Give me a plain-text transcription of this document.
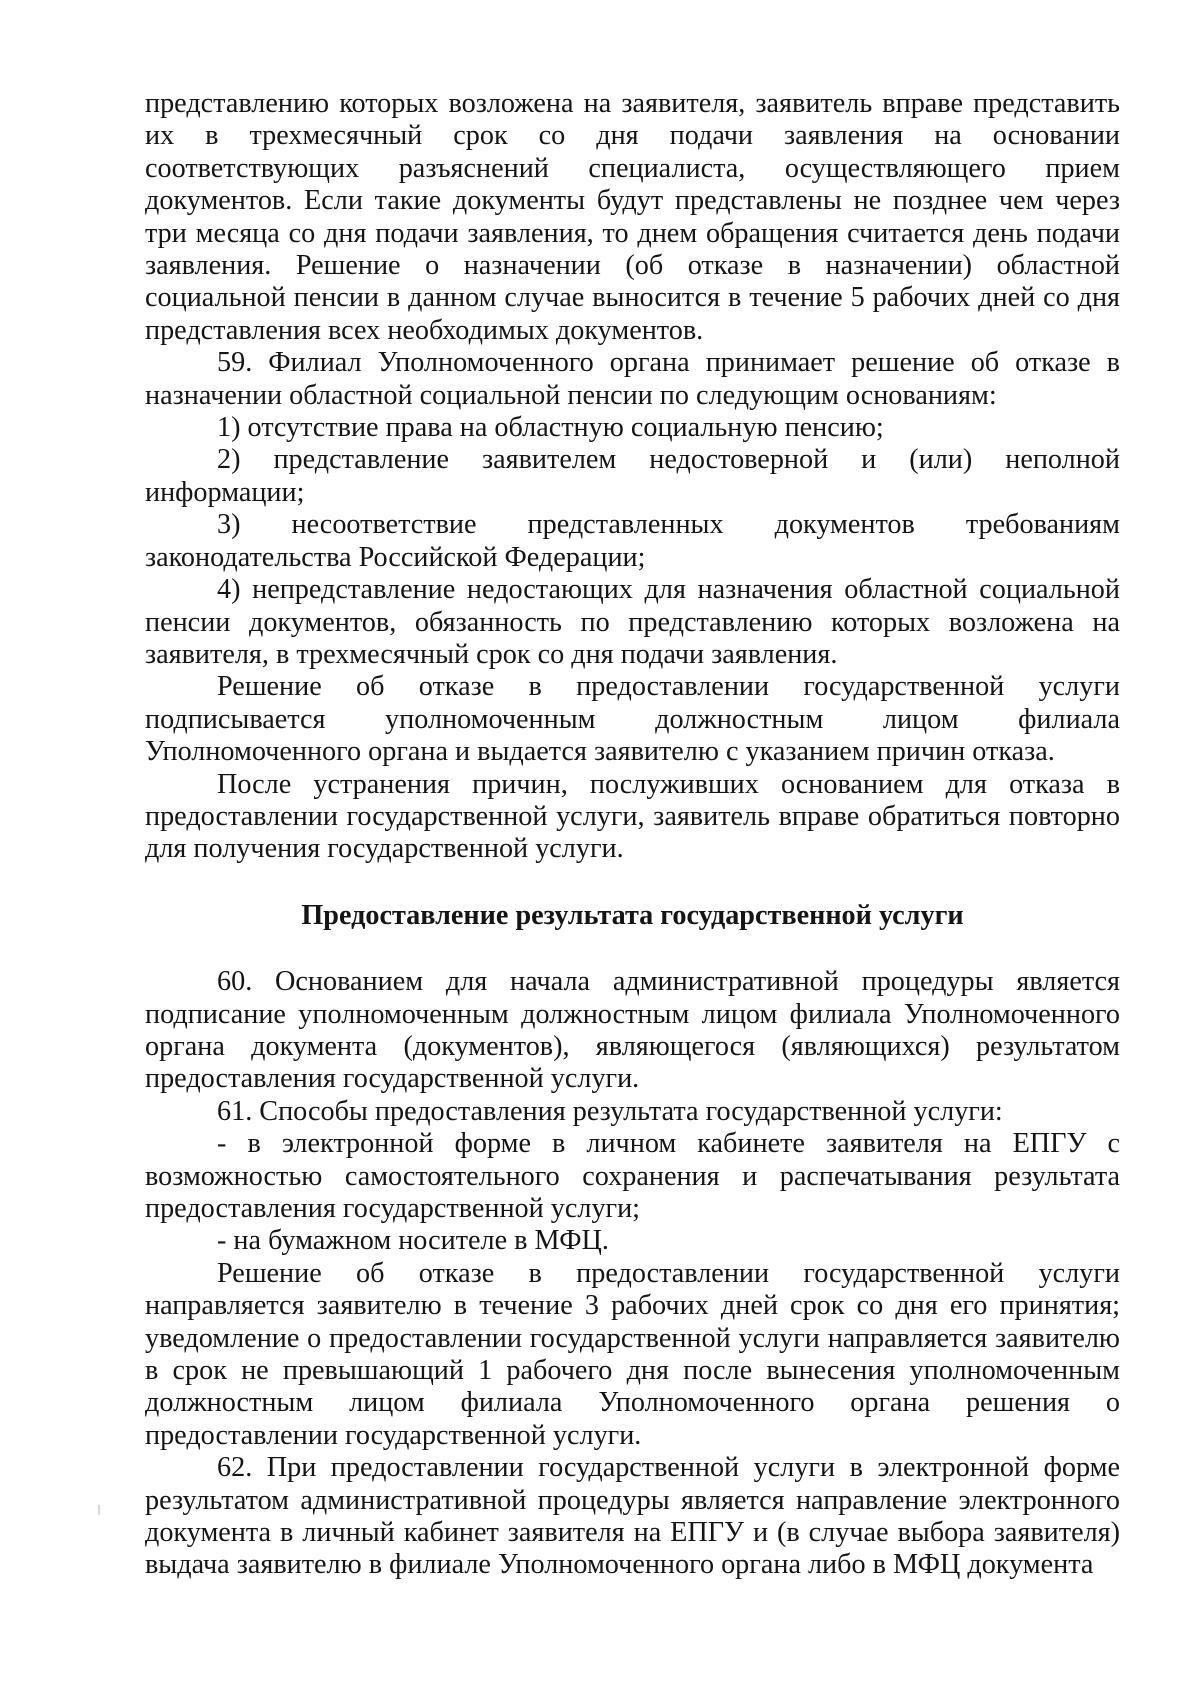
представлению которых возложена на заявителя, заявитель вправе представить их в трехмесячный срок со дня подачи заявления на основании соответствующих разъяснений специалиста, осуществляющего прием документов. Если такие документы будут представлены не позднее чем через три месяца со дня подачи заявления, то днем обращения считается день подачи заявления. Решение о назначении (об отказе в назначении) областной социальной пенсии в данном случае выносится в течение 5 рабочих дней со дня представления всех необходимых документов.

59. Филиал Уполномоченного органа принимает решение об отказе в назначении областной социальной пенсии по следующим основаниям:

1) отсутствие права на областную социальную пенсию;

2) представление заявителем недостоверной и (или) неполной информации;

3) несоответствие представленных документов требованиям законодательства Российской Федерации;

4) непредставление недостающих для назначения областной социальной пенсии документов, обязанность по представлению которых возложена на заявителя, в трехмесячный срок со дня подачи заявления.

Решение об отказе в предоставлении государственной услуги подписывается уполномоченным должностным лицом филиала Уполномоченного органа и выдается заявителю с указанием причин отказа.

После устранения причин, послуживших основанием для отказа в предоставлении государственной услуги, заявитель вправе обратиться повторно для получения государственной услуги.

Предоставление результата государственной услуги

60. Основанием для начала административной процедуры является подписание уполномоченным должностным лицом филиала Уполномоченного органа документа (документов), являющегося (являющихся) результатом предоставления государственной услуги.

61. Способы предоставления результата государственной услуги:

- в электронной форме в личном кабинете заявителя на ЕПГУ с возможностью самостоятельного сохранения и распечатывания результата предоставления государственной услуги;

- на бумажном носителе в МФЦ.

Решение об отказе в предоставлении государственной услуги направляется заявителю в течение 3 рабочих дней срок со дня его принятия; уведомление о предоставлении государственной услуги направляется заявителю в срок не превышающий 1 рабочего дня после вынесения уполномоченным должностным лицом филиала Уполномоченного органа решения о предоставлении государственной услуги.

62. При предоставлении государственной услуги в электронной форме результатом административной процедуры является направление электронного документа в личный кабинет заявителя на ЕПГУ и (в случае выбора заявителя) выдача заявителю в филиале Уполномоченного органа либо в МФЦ документа
